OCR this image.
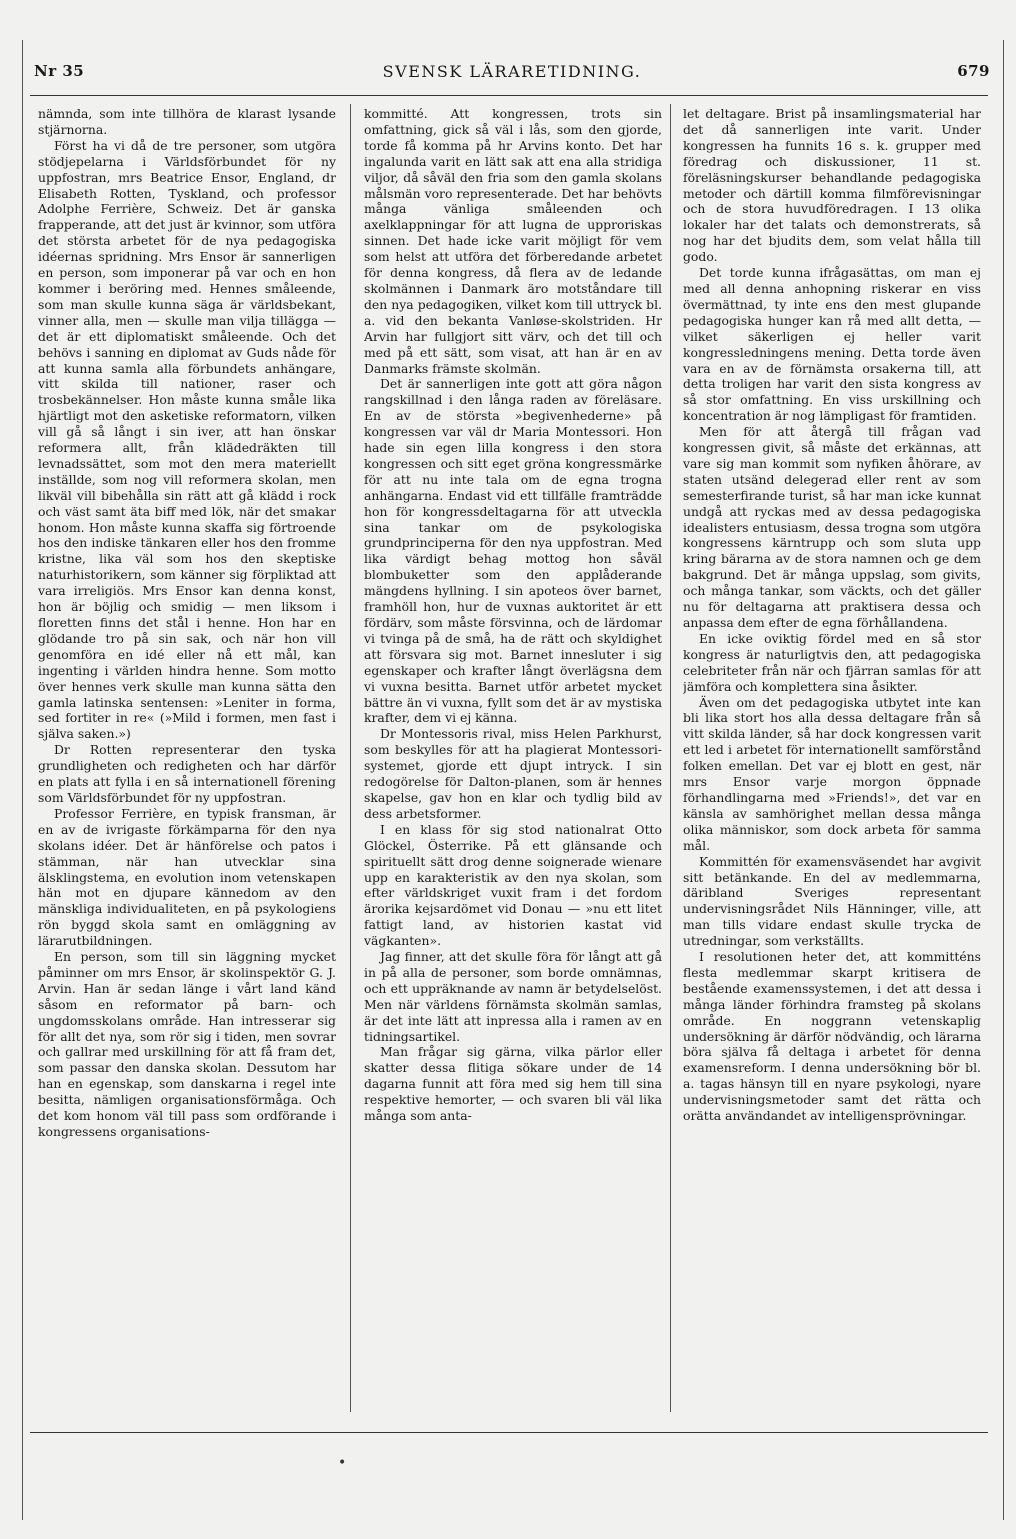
SVENSK LÄRARETIDNING.
Nr 35	679

nämnda, som inte tillhöra de klarast lysande stjärnorna.

Först ha vi då de tre personer, som utgöra stödjepelarna i Världsförbundet för ny uppfostran, mrs Beatrice Ensor, England, dr Elisabeth Rotten, Tyskland, och professor Adolphe Ferrière, Schweiz. Det är ganska frapperande, att det just är kvinnor, som utföra det största arbetet för de nya pedagogiska idéernas spridning. Mrs Ensor är sannerligen en person, som imponerar på var och en hon kommer i beröring med. Hennes småleende, som man skulle kunna säga är världsbekant, vinner alla, men — skulle man vilja tillägga — det är ett diplomatiskt småleende. Och det behövs i sanning en diplomat av Guds nåde för att kunna samla alla förbundets anhängare, vitt skilda till nationer, raser och trosbekännelser. Hon måste kunna småle lika hjärtligt mot den asketiske reformatorn, vilken vill gå så långt i sin iver, att han önskar reformera allt, från klädedräkten till levnadssättet, som mot den mera materiellt inställde, som nog vill reformera skolan, men likväl vill bibehålla sin rätt att gå klädd i rock och väst samt äta biff med lök, när det smakar honom. Hon måste kunna skaffa sig förtroende hos den indiske tänkaren eller hos den fromme kristne, lika väl som hos den skeptiske naturhistorikern, som känner sig förpliktad att vara irreligiös. Mrs Ensor kan denna konst, hon är böjlig och smidig — men liksom i floretten finns det stål i henne. Hon har en glödande tro på sin sak, och när hon vill genomföra en idé eller nå ett mål, kan ingenting i världen hindra henne. Som motto över hennes verk skulle man kunna sätta den gamla latinska sentensen: »Leniter in forma, sed fortiter in re« (»Mild i formen, men fast i själva saken.»)

Dr Rotten representerar den tyska grundligheten och redigheten och har därför en plats att fylla i en så internationell förening som Världsförbundet för ny uppfostran.

Professor Ferrière, en typisk fransman, är en av de ivrigaste förkämparna för den nya skolans idéer. Det är hänförelse och patos i stämman, när han utvecklar sina älsklingstema, en evolution inom vetenskapen hän mot en djupare kännedom av den mänskliga individualiteten, en på psykologiens rön byggd skola samt en omläggning av lärarutbildningen.

En person, som till sin läggning mycket påminner om mrs Ensor, är skolinspektör G. J. Arvin. Han är sedan länge i vårt land känd såsom en reformator på barn- och ungdomsskolans område. Han intresserar sig för allt det nya, som rör sig i tiden, men sovrar och gallrar med urskillning för att få fram det, som passar den danska skolan. Dessutom har han en egenskap, som danskarna i regel inte besitta, nämligen organisationsförmåga. Och det kom honom väl till pass som ordförande i kongressens organisations-

kommitté. Att kongressen, trots sin omfattning, gick så väl i lås, som den gjorde, torde få komma på hr Arvins konto. Det har ingalunda varit en lätt sak att ena alla stridiga viljor, då såväl den fria som den gamla skolans målsmän voro representerade. Det har behövts många vänliga småleenden och axelklappningar för att lugna de upproriskas sinnen. Det hade icke varit möjligt för vem som helst att utföra det förberedande arbetet för denna kongress, då flera av de ledande skolmännen i Danmark äro motståndare till den nya pedagogiken, vilket kom till uttryck bl. a. vid den bekanta Vanløse-skolstriden. Hr Arvin har fullgjort sitt värv, och det till och med på ett sätt, som visat, att han är en av Danmarks främste skolmän.

Det är sannerligen inte gott att göra någon rangskillnad i den långa raden av föreläsare. En av de största »begivenhederne» på kongressen var väl dr Maria Montessori. Hon hade sin egen lilla kongress i den stora kongressen och sitt eget gröna kongressmärke för att nu inte tala om de egna trogna anhängarna. Endast vid ett tillfälle framträdde hon för kongressdeltagarna för att utveckla sina tankar om de psykologiska grundprinciperna för den nya uppfostran. Med lika värdigt behag mottog hon såväl blombuketter som den applåderande mängdens hyllning. I sin apoteos över barnet, framhöll hon, hur de vuxnas auktoritet är ett fördärv, som måste försvinna, och de lärdomar vi tvinga på de små, ha de rätt och skyldighet att försvara sig mot. Barnet innesluter i sig egenskaper och krafter långt överlägsna dem vi vuxna besitta. Barnet utför arbetet mycket bättre än vi vuxna, fyllt som det är av mystiska krafter, dem vi ej känna.

Dr Montessoris rival, miss Helen Parkhurst, som beskylles för att ha plagierat Montessori-systemet, gjorde ett djupt intryck. I sin redogörelse för Dalton-planen, som är hennes skapelse, gav hon en klar och tydlig bild av dess arbetsformer.

I en klass för sig stod nationalrat Otto Glöckel, Österrike. På ett glänsande och spirituellt sätt drog denne soignerade wienare upp en karakteristik av den nya skolan, som efter världskriget vuxit fram i det fordom ärorika kejsardömet vid Donau — »nu ett litet fattigt land, av historien kastat vid vägkanten».

Jag finner, att det skulle föra för långt att gå in på alla de personer, som borde omnämnas, och ett uppräknande av namn är betydelselöst. Men när världens förnämsta skolmän samlas, är det inte lätt att inpressa alla i ramen av en tidningsartikel.

Man frågar sig gärna, vilka pärlor eller skatter dessa flitiga sökare under de 14 dagarna funnit att föra med sig hem till sina respektive hemorter, — och svaren bli väl lika många som anta-

let deltagare. Brist på insamlingsmaterial har det då sannerligen inte varit. Under kongressen ha funnits 16 s. k. grupper med föredrag och diskussioner, 11 st. föreläsningskurser behandlande pedagogiska metoder och därtill komma filmförevisningar och de stora huvudföredragen. I 13 olika lokaler har det talats och demonstrerats, så nog har det bjudits dem, som velat hålla till godo.

Det torde kunna ifrågasättas, om man ej med all denna anhopning riskerar en viss övermättnad, ty inte ens den mest glupande pedagogiska hunger kan rå med allt detta, — vilket säkerligen ej heller varit kongressledningens mening. Detta torde även vara en av de förnämsta orsakerna till, att detta troligen har varit den sista kongress av så stor omfattning. En viss urskillning och koncentration är nog lämpligast för framtiden.

Men för att återgå till frågan vad kongressen givit, så måste det erkännas, att vare sig man kommit som nyfiken åhörare, av staten utsänd delegerad eller rent av som semesterfirande turist, så har man icke kunnat undgå att ryckas med av dessa pedagogiska idealisters entusiasm, dessa trogna som utgöra kongressens kärntrupp och som sluta upp kring bärarna av de stora namnen och ge dem bakgrund. Det är många uppslag, som givits, och många tankar, som väckts, och det gäller nu för deltagarna att praktisera dessa och anpassa dem efter de egna förhållandena.

En icke oviktig fördel med en så stor kongress är naturligtvis den, att pedagogiska celebriteter från när och fjärran samlas för att jämföra och komplettera sina åsikter.

Även om det pedagogiska utbytet inte kan bli lika stort hos alla dessa deltagare från så vitt skilda länder, så har dock kongressen varit ett led i arbetet för internationellt samförstånd folken emellan. Det var ej blott en gest, när mrs Ensor varje morgon öppnade förhandlingarna med »Friends!», det var en känsla av samhörighet mellan dessa många olika människor, som dock arbeta för samma mål.

Kommittén för examensväsendet har avgivit sitt betänkande. En del av medlemmarna, däribland Sveriges representant undervisningsrådet Nils Hänninger, ville, att man tills vidare endast skulle trycka de utredningar, som verkställts.

I resolutionen heter det, att kommitténs flesta medlemmar skarpt kritisera de bestående examenssystemen, i det att dessa i många länder förhindra framsteg på skolans område. En noggrann vetenskaplig undersökning är därför nödvändig, och lärarna böra själva få deltaga i arbetet för denna examensreform. I denna undersökning bör bl. a. tagas hänsyn till en nyare psykologi, nyare undervisningsmetoder samt det rätta och orätta användandet av intelligensprövningar.

•
